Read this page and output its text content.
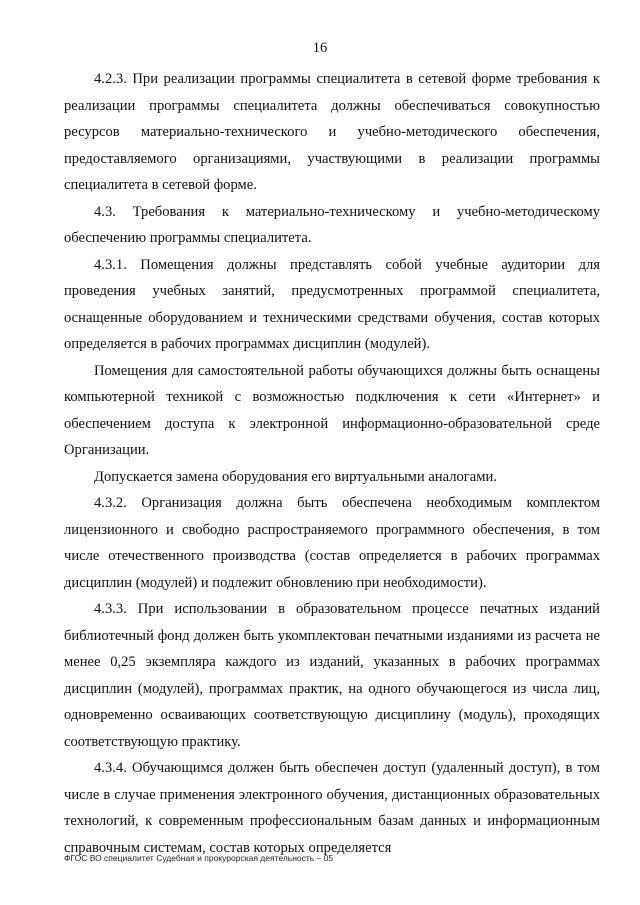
16

4.2.3. При реализации программы специалитета в сетевой форме требования к реализации программы специалитета должны обеспечиваться совокупностью ресурсов материально-технического и учебно-методического обеспечения, предоставляемого организациями, участвующими в реализации программы специалитета в сетевой форме.

4.3. Требования к материально-техническому и учебно-методическому обеспечению программы специалитета.

4.3.1. Помещения должны представлять собой учебные аудитории для проведения учебных занятий, предусмотренных программой специалитета, оснащенные оборудованием и техническими средствами обучения, состав которых определяется в рабочих программах дисциплин (модулей).

Помещения для самостоятельной работы обучающихся должны быть оснащены компьютерной техникой с возможностью подключения к сети «Интернет» и обеспечением доступа к электронной информационно-образовательной среде Организации.

Допускается замена оборудования его виртуальными аналогами.

4.3.2. Организация должна быть обеспечена необходимым комплектом лицензионного и свободно распространяемого программного обеспечения, в том числе отечественного производства (состав определяется в рабочих программах дисциплин (модулей) и подлежит обновлению при необходимости).

4.3.3. При использовании в образовательном процессе печатных изданий библиотечный фонд должен быть укомплектован печатными изданиями из расчета не менее 0,25 экземпляра каждого из изданий, указанных в рабочих программах дисциплин (модулей), программах практик, на одного обучающегося из числа лиц, одновременно осваивающих соответствующую дисциплину (модуль), проходящих соответствующую практику.

4.3.4. Обучающимся должен быть обеспечен доступ (удаленный доступ), в том числе в случае применения электронного обучения, дистанционных образовательных технологий, к современным профессиональным базам данных и информационным справочным системам, состав которых определяется

ФГОС ВО специалитет Судебная и прокурорская деятельность – 05
